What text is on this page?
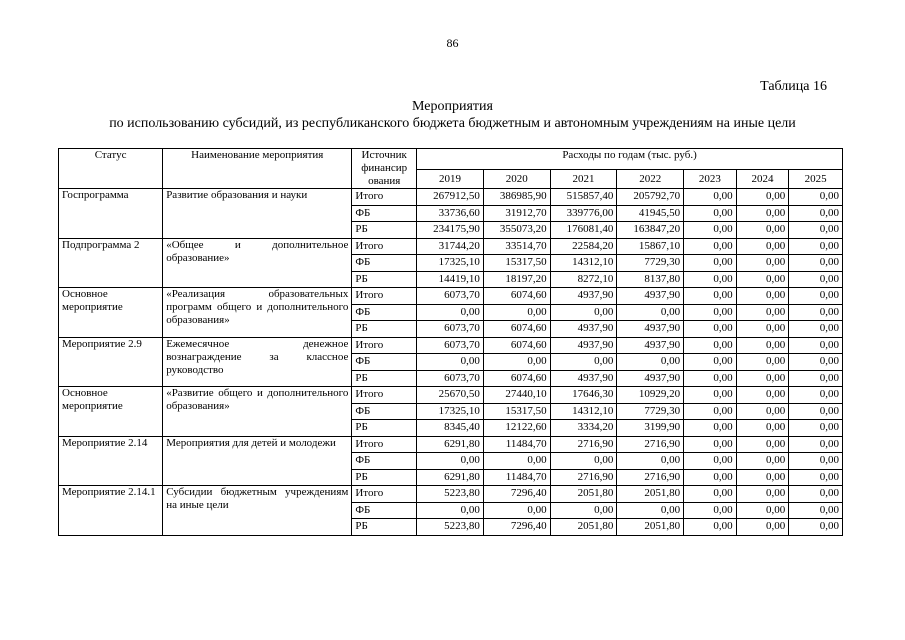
86
Таблица 16
Мероприятия
по использованию субсидий, из республиканского бюджета бюджетным и автономным учреждениям на иные цели
Статус	Наименование мероприятия	Источник финансир ования	Расходы по годам (тыс. руб.)						
			2019	2020	2021	2022	2023	2024	2025
Госпрограмма	Развитие образования и науки	Итого	267912,50	386985,90	515857,40	205792,70	0,00	0,00	0,00
		ФБ	33736,60	31912,70	339776,00	41945,50	0,00	0,00	0,00
		РБ	234175,90	355073,20	176081,40	163847,20	0,00	0,00	0,00
Подпрограмма 2	«Общее и дополнительное образование»	Итого	31744,20	33514,70	22584,20	15867,10	0,00	0,00	0,00
		ФБ	17325,10	15317,50	14312,10	7729,30	0,00	0,00	0,00
		РБ	14419,10	18197,20	8272,10	8137,80	0,00	0,00	0,00
Основное мероприятие	«Реализация образовательных программ общего и дополнительного образования»	Итого	6073,70	6074,60	4937,90	4937,90	0,00	0,00	0,00
		ФБ	0,00	0,00	0,00	0,00	0,00	0,00	0,00
		РБ	6073,70	6074,60	4937,90	4937,90	0,00	0,00	0,00
Мероприятие 2.9	Ежемесячное денежное вознаграждение за классное руководство	Итого	6073,70	6074,60	4937,90	4937,90	0,00	0,00	0,00
		ФБ	0,00	0,00	0,00	0,00	0,00	0,00	0,00
		РБ	6073,70	6074,60	4937,90	4937,90	0,00	0,00	0,00
Основное мероприятие	«Развитие общего и дополнительного образования»	Итого	25670,50	27440,10	17646,30	10929,20	0,00	0,00	0,00
		ФБ	17325,10	15317,50	14312,10	7729,30	0,00	0,00	0,00
		РБ	8345,40	12122,60	3334,20	3199,90	0,00	0,00	0,00
Мероприятие 2.14	Мероприятия для детей и молодежи	Итого	6291,80	11484,70	2716,90	2716,90	0,00	0,00	0,00
		ФБ	0,00	0,00	0,00	0,00	0,00	0,00	0,00
		РБ	6291,80	11484,70	2716,90	2716,90	0,00	0,00	0,00
Мероприятие 2.14.1	Субсидии бюджетным учреждениям на иные цели	Итого	5223,80	7296,40	2051,80	2051,80	0,00	0,00	0,00
		ФБ	0,00	0,00	0,00	0,00	0,00	0,00	0,00
		РБ	5223,80	7296,40	2051,80	2051,80	0,00	0,00	0,00
